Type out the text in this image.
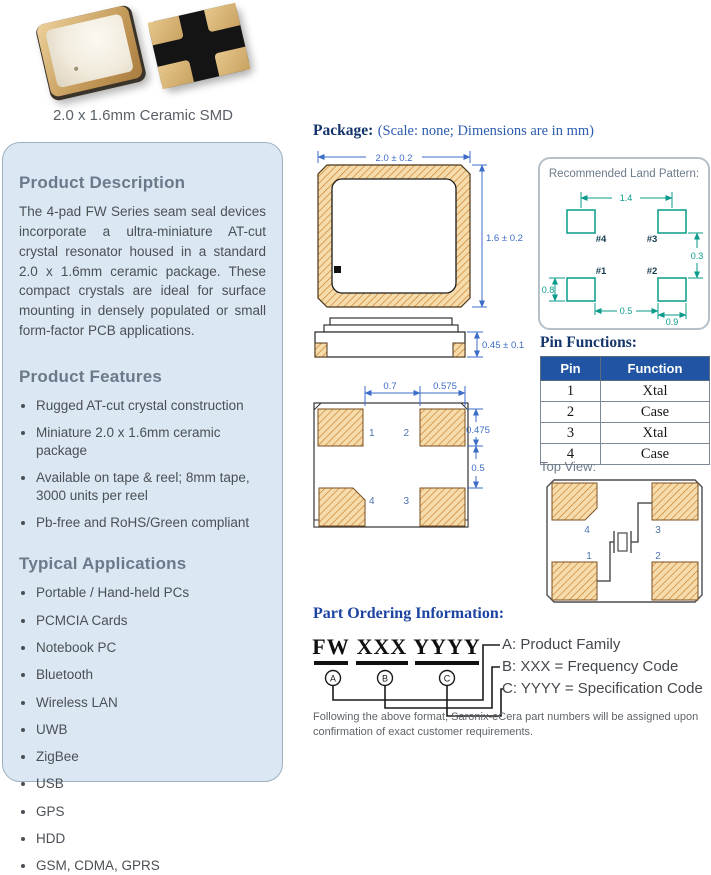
2.0 x 1.6mm Ceramic SMD
Product Description

The 4-pad FW Series seam seal devices incorporate a ultra-miniature AT-cut crystal resonator housed in a standard 2.0 x 1.6mm ceramic package. These compact crystals are ideal for surface mounting in densely populated or small form-factor PCB applications.

Product Features
• Rugged AT-cut crystal construction
• Miniature 2.0 x 1.6mm ceramic package
• Available on tape & reel; 8mm tape, 3000 units per reel
• Pb-free and RoHS/Green compliant
Typical Applications
• Portable / Hand-held PCs
• PCMCIA Cards
• Notebook PC
• Bluetooth
• Wireless LAN
• UWB
• ZigBee
• USB
• GPS
• HDD
• GSM, CDMA, GPRS
Package: (Scale: none; Dimensions are in mm)
2.0 ± 0.2
1.6 ± 0.2
0.45 ± 0.1
1	2
4	3
0.7	0.575
0.475
0.5
Recommended Land Pattern:
#4	#3
#1	#2
1.4
0.3
0.8
0.5
0.9
Pin Functions:
Pin	Function
1	Xtal
2	Case
3	Xtal
4	Case
Top View:
4	3
1	2
Part Ordering Information:
FW XXX YYYY
A	B	C
A: Product Family
B: XXX = Frequency Code
C: YYYY = Specification Code
Following the above format, Saronix-eCera part numbers will be assigned upon
confirmation of exact customer requirements.
